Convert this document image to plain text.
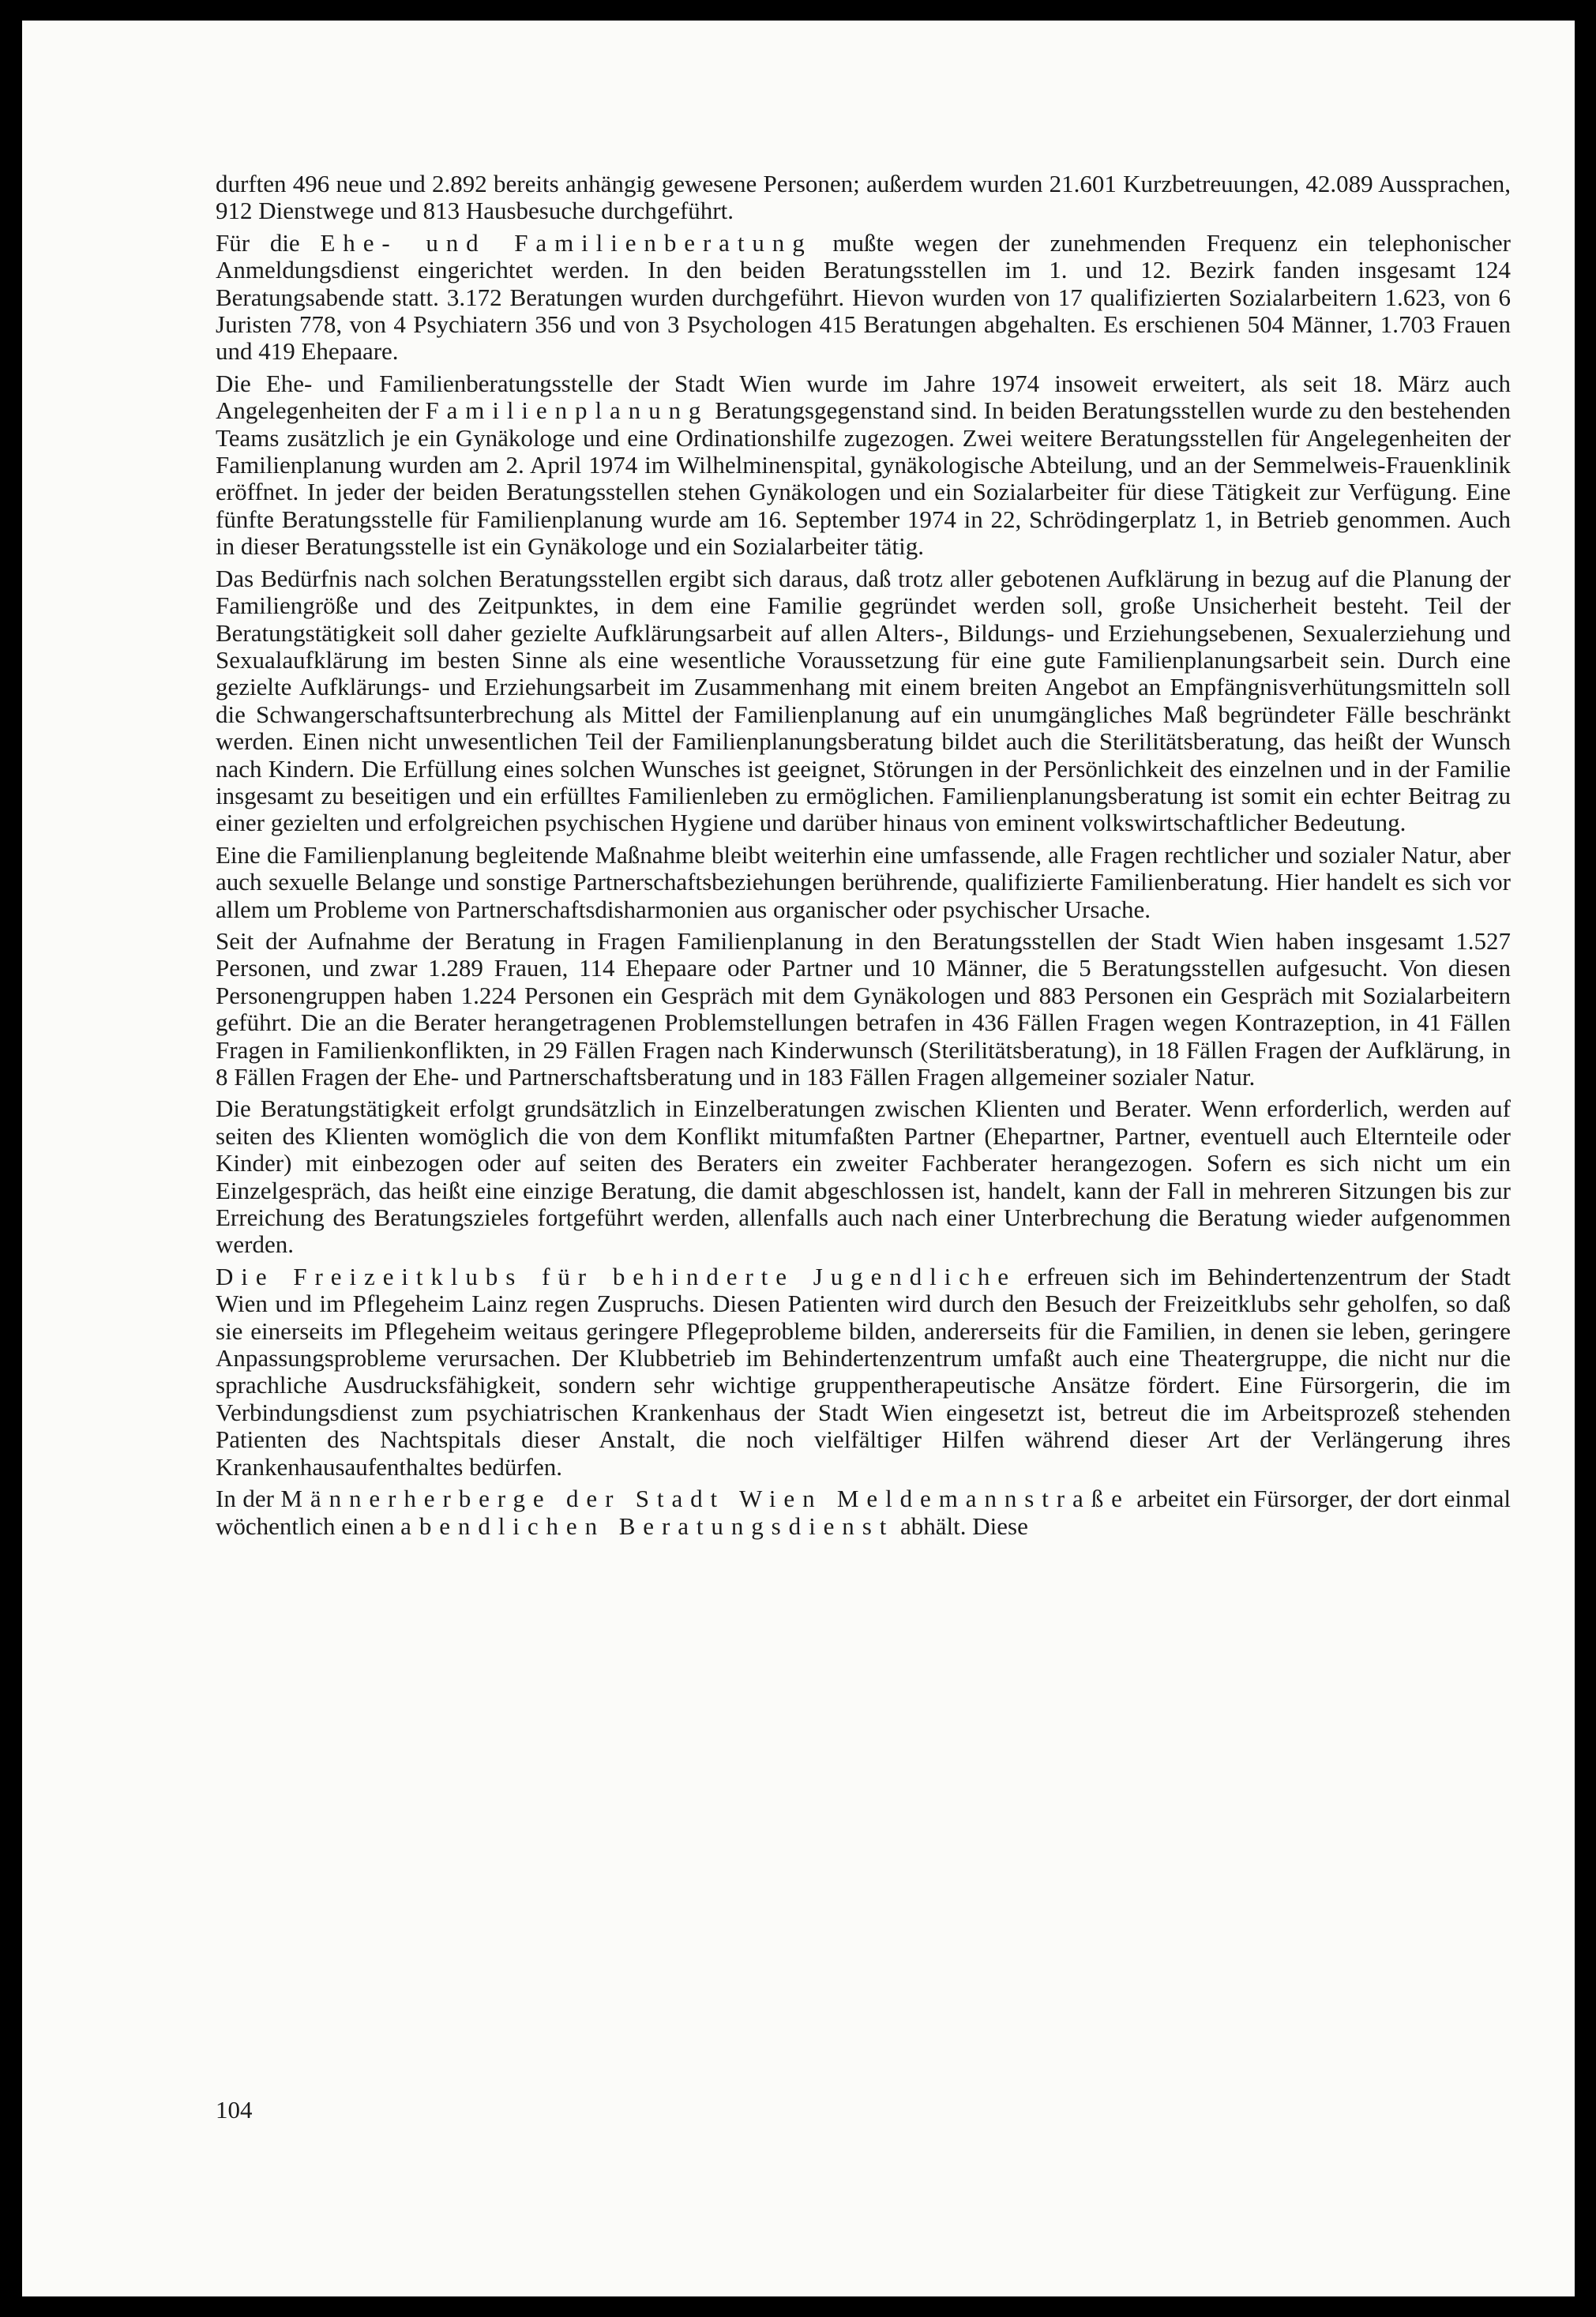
durften 496 neue und 2.892 bereits anhängig gewesene Personen; außerdem wurden 21.601 Kurzbetreuungen, 42.089 Aussprachen, 912 Dienstwege und 813 Hausbesuche durchgeführt.

Für die Ehe- und Familienberatung mußte wegen der zunehmenden Frequenz ein telephonischer Anmeldungsdienst eingerichtet werden. In den beiden Beratungsstellen im 1. und 12. Bezirk fanden insgesamt 124 Beratungsabende statt. 3.172 Beratungen wurden durchgeführt. Hievon wurden von 17 qualifizierten Sozialarbeitern 1.623, von 6 Juristen 778, von 4 Psychiatern 356 und von 3 Psychologen 415 Beratungen abgehalten. Es erschienen 504 Männer, 1.703 Frauen und 419 Ehepaare.

Die Ehe- und Familienberatungsstelle der Stadt Wien wurde im Jahre 1974 insoweit erweitert, als seit 18. März auch Angelegenheiten der Familienplanung Beratungsgegenstand sind. In beiden Beratungsstellen wurde zu den bestehenden Teams zusätzlich je ein Gynäkologe und eine Ordinationshilfe zugezogen. Zwei weitere Beratungsstellen für Angelegenheiten der Familienplanung wurden am 2. April 1974 im Wilhelminenspital, gynäkologische Abteilung, und an der Semmelweis-Frauenklinik eröffnet. In jeder der beiden Beratungsstellen stehen Gynäkologen und ein Sozialarbeiter für diese Tätigkeit zur Verfügung. Eine fünfte Beratungsstelle für Familienplanung wurde am 16. September 1974 in 22, Schrödingerplatz 1, in Betrieb genommen. Auch in dieser Beratungsstelle ist ein Gynäkologe und ein Sozialarbeiter tätig.

Das Bedürfnis nach solchen Beratungsstellen ergibt sich daraus, daß trotz aller gebotenen Aufklärung in bezug auf die Planung der Familiengröße und des Zeitpunktes, in dem eine Familie gegründet werden soll, große Unsicherheit besteht. Teil der Beratungstätigkeit soll daher gezielte Aufklärungsarbeit auf allen Alters-, Bildungs- und Erziehungsebenen, Sexualerziehung und Sexualaufklärung im besten Sinne als eine wesentliche Voraussetzung für eine gute Familienplanungsarbeit sein. Durch eine gezielte Aufklärungs- und Erziehungsarbeit im Zusammenhang mit einem breiten Angebot an Empfängnisverhütungsmitteln soll die Schwangerschaftsunterbrechung als Mittel der Familienplanung auf ein unumgängliches Maß begründeter Fälle beschränkt werden. Einen nicht unwesentlichen Teil der Familienplanungsberatung bildet auch die Sterilitätsberatung, das heißt der Wunsch nach Kindern. Die Erfüllung eines solchen Wunsches ist geeignet, Störungen in der Persönlichkeit des einzelnen und in der Familie insgesamt zu beseitigen und ein erfülltes Familienleben zu ermöglichen. Familienplanungsberatung ist somit ein echter Beitrag zu einer gezielten und erfolgreichen psychischen Hygiene und darüber hinaus von eminent volkswirtschaftlicher Bedeutung.

Eine die Familienplanung begleitende Maßnahme bleibt weiterhin eine umfassende, alle Fragen rechtlicher und sozialer Natur, aber auch sexuelle Belange und sonstige Partnerschaftsbeziehungen berührende, qualifizierte Familienberatung. Hier handelt es sich vor allem um Probleme von Partnerschaftsdisharmonien aus organischer oder psychischer Ursache.

Seit der Aufnahme der Beratung in Fragen Familienplanung in den Beratungsstellen der Stadt Wien haben insgesamt 1.527 Personen, und zwar 1.289 Frauen, 114 Ehepaare oder Partner und 10 Männer, die 5 Beratungsstellen aufgesucht. Von diesen Personengruppen haben 1.224 Personen ein Gespräch mit dem Gynäkologen und 883 Personen ein Gespräch mit Sozialarbeitern geführt. Die an die Berater herangetragenen Problemstellungen betrafen in 436 Fällen Fragen wegen Kontrazeption, in 41 Fällen Fragen in Familienkonflikten, in 29 Fällen Fragen nach Kinderwunsch (Sterilitätsberatung), in 18 Fällen Fragen der Aufklärung, in 8 Fällen Fragen der Ehe- und Partnerschaftsberatung und in 183 Fällen Fragen allgemeiner sozialer Natur.

Die Beratungstätigkeit erfolgt grundsätzlich in Einzelberatungen zwischen Klienten und Berater. Wenn erforderlich, werden auf seiten des Klienten womöglich die von dem Konflikt mitumfaßten Partner (Ehepartner, Partner, eventuell auch Elternteile oder Kinder) mit einbezogen oder auf seiten des Beraters ein zweiter Fachberater herangezogen. Sofern es sich nicht um ein Einzelgespräch, das heißt eine einzige Beratung, die damit abgeschlossen ist, handelt, kann der Fall in mehreren Sitzungen bis zur Erreichung des Beratungszieles fortgeführt werden, allenfalls auch nach einer Unterbrechung die Beratung wieder aufgenommen werden.

Die Freizeitklubs für behinderte Jugendliche erfreuen sich im Behindertenzentrum der Stadt Wien und im Pflegeheim Lainz regen Zuspruchs. Diesen Patienten wird durch den Besuch der Freizeitklubs sehr geholfen, so daß sie einerseits im Pflegeheim weitaus geringere Pflegeprobleme bilden, andererseits für die Familien, in denen sie leben, geringere Anpassungsprobleme verursachen. Der Klubbetrieb im Behindertenzentrum umfaßt auch eine Theatergruppe, die nicht nur die sprachliche Ausdrucksfähigkeit, sondern sehr wichtige gruppentherapeutische Ansätze fördert. Eine Fürsorgerin, die im Verbindungsdienst zum psychiatrischen Krankenhaus der Stadt Wien eingesetzt ist, betreut die im Arbeitsprozeß stehenden Patienten des Nachtspitals dieser Anstalt, die noch vielfältiger Hilfen während dieser Art der Verlängerung ihres Krankenhausaufenthaltes bedürfen.

In der Männerherberge der Stadt Wien Meldemannstraße arbeitet ein Fürsorger, der dort einmal wöchentlich einen abendlichen Beratungsdienst abhält. Diese

104
